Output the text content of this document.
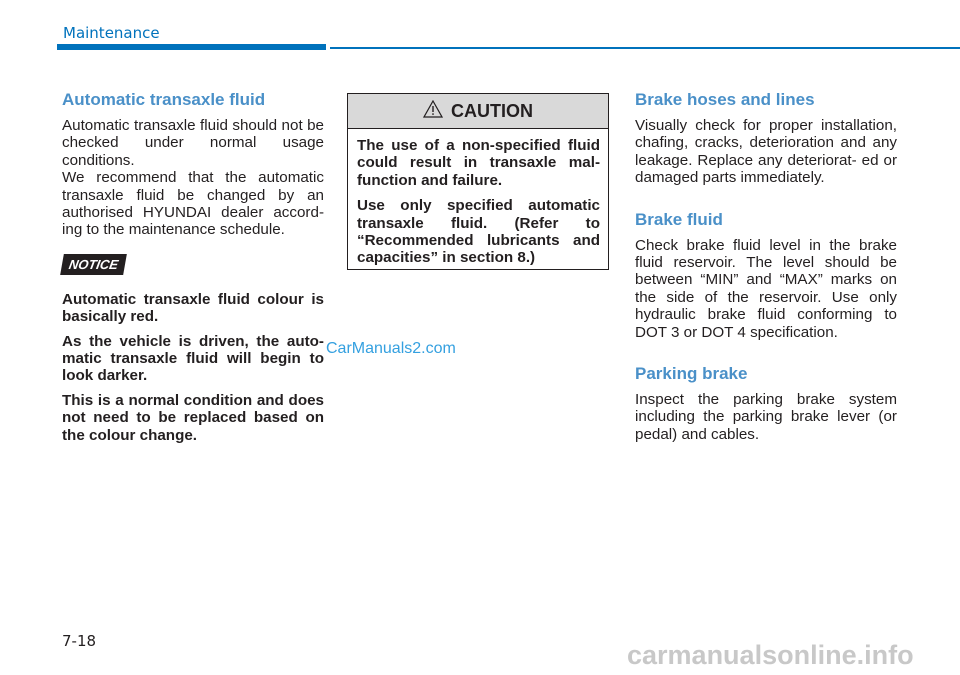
Maintenance
Automatic transaxle fluid

Automatic transaxle fluid should not be checked under normal usage conditions.

We recommend that the automatic transaxle fluid be changed by an authorised HYUNDAI dealer accord- ing to the maintenance schedule.

NOTICE

Automatic transaxle fluid colour is basically red.

As the vehicle is driven, the auto- matic transaxle fluid will begin to look darker.

This is a normal condition and does not need to be replaced based on the colour change.

CAUTION

The use of a non-specified fluid could result in transaxle mal- function and failure.

Use only specified automatic transaxle fluid. (Refer to “Recommended lubricants and capacities” in section 8.)

Brake hoses and lines

Visually check for proper installation, chafing, cracks, deterioration and any leakage. Replace any deteriorat- ed or damaged parts immediately.

Brake fluid

Check brake fluid level in the brake fluid reservoir. The level should be between “MIN” and “MAX” marks on the side of the reservoir. Use only hydraulic brake fluid conforming to DOT 3 or DOT 4 specification.

Parking brake

Inspect the parking brake system including the parking brake lever (or pedal) and cables.

CarManuals2.com
7-18	carmanualsonline.info
